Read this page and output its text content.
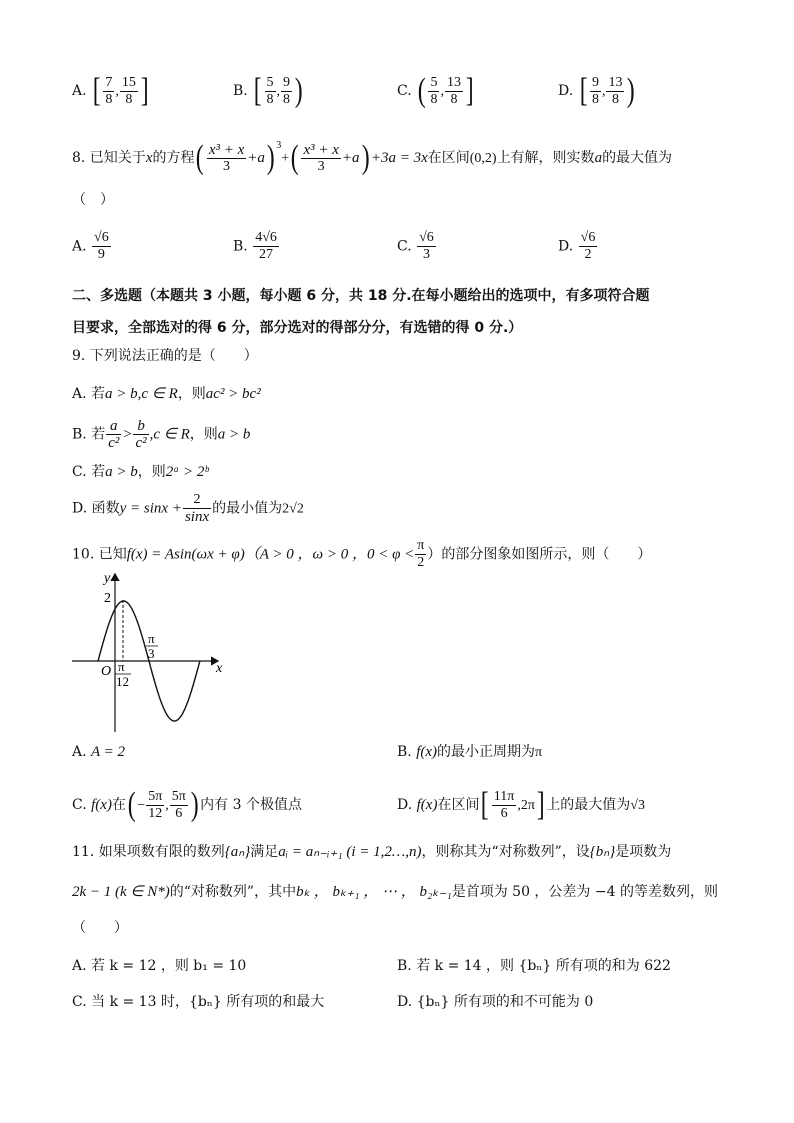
A. [ $\frac{7}{8}$ , $\frac{15}{8}$ ]	B. [ $\frac{5}{8}$ , $\frac{9}{8}$ )	C. ( $\frac{5}{8}$ , $\frac{13}{8}$ ]	D. [ $\frac{9}{8}$ , $\frac{13}{8}$ )
8. 已知关于x的方程( $\frac{\text{x³ + x}}{3} +a$) $^3+( \frac{\text{x³ + x}}{3} +a) +3a = 3x$在区间(0,2)上有解，则实数a的最大值为
（　）
A. $\frac{√6}{9}$	B. $\frac{4√6}{27}$	C. $\frac{√6}{3}$	D. $\frac{√6}{2}$
二、多选题（本题共 3 小题，每小题 6 分，共 18 分.在每小题给出的选项中，有多项符合题
目要求，全部选对的得 6 分，部分选对的得部分分，有选错的得 0 分.）
9. 下列说法正确的是（　　）
A. 若a > b,c ∈ R，则ac² > bc²
B. 若 $\frac{a}{\text{c²}} > \frac{b}{\text{c²}} ,c$ ∈ R，则a > b
C. 若a > b，则2ᵃ > 2ᵇ
D. 函数$y = \sin x + \frac{2}{\sin x}$ 的最小值为2√2
10. 已知f(x) = Asin(ωx + φ)（A > 0 ，ω > 0 ，$0 < \varphi < \frac{\pi}{2}$ ）的部分图象如图所示，则（　　）
y
x
O
2
π
3
π
12
A. A = 2	B. f(x)的最小正周期为π
C. f(x)在( − $\frac{5\pi}{12}$ , $\frac{5\pi}{6}$ ) 内有 3 个极值点	D. f(x)在区间[ $\frac{11\pi}{6} ,2\pi$] 上的最大值为√3
11. 如果项数有限的数列{aₙ}满足aᵢ = aₙ₋ᵢ₊₁ (i = 1,2…,n)，则称其为“对称数列”，设{bₙ}是项数为
2k − 1 (k ∈ N*)的“对称数列”，其中bₖ ， bₖ₊₁ ， ⋯ ， b₂ₖ₋₁是首项为 50 ，公差为 −4 的等差数列，则
（　　）
A. 若 k = 12 ，则 b₁ = 10	B. 若 k = 14 ，则 {bₙ} 所有项的和为 622
C. 当 k = 13 时，{bₙ} 所有项的和最大	D. {bₙ} 所有项的和不可能为 0
